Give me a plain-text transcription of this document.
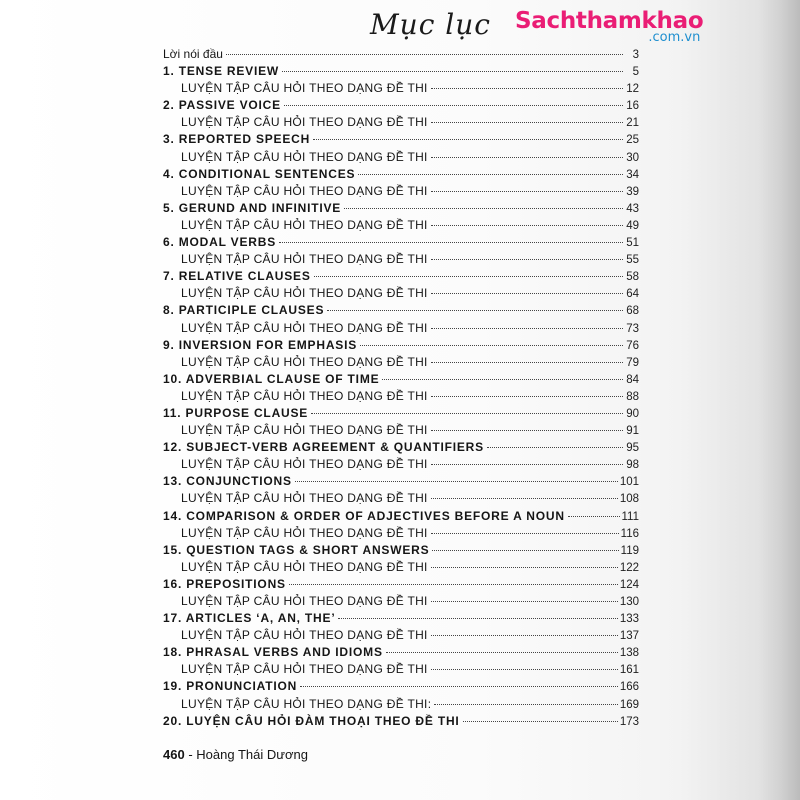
Mục lục Sachthamkhao
.com.vn
Lời nói đầu	3
1. TENSE REVIEW	5
LUYỆN TẬP CÂU HỎI THEO DẠNG ĐỀ THI	12
2. PASSIVE VOICE	16
LUYỆN TẬP CÂU HỎI THEO DẠNG ĐỀ THI	21
3. REPORTED SPEECH	25
LUYỆN TẬP CÂU HỎI THEO DẠNG ĐỀ THI	30
4. CONDITIONAL SENTENCES	34
LUYỆN TẬP CÂU HỎI THEO DẠNG ĐỀ THI	39
5. GERUND AND INFINITIVE	43
LUYỆN TẬP CÂU HỎI THEO DẠNG ĐỀ THI	49
6. MODAL VERBS	51
LUYỆN TẬP CÂU HỎI THEO DẠNG ĐỀ THI	55
7. RELATIVE CLAUSES	58
LUYỆN TẬP CÂU HỎI THEO DẠNG ĐỀ THI	64
8. PARTICIPLE CLAUSES	68
LUYỆN TẬP CÂU HỎI THEO DẠNG ĐỀ THI	73
9. INVERSION FOR EMPHASIS	76
LUYỆN TẬP CÂU HỎI THEO DẠNG ĐỀ THI	79
10. ADVERBIAL CLAUSE OF TIME	84
LUYỆN TẬP CÂU HỎI THEO DẠNG ĐỀ THI	88
11. PURPOSE CLAUSE	90
LUYỆN TẬP CÂU HỎI THEO DẠNG ĐỀ THI	91
12. SUBJECT-VERB AGREEMENT & QUANTIFIERS	95
LUYỆN TẬP CÂU HỎI THEO DẠNG ĐỀ THI	98
13. CONJUNCTIONS	101
LUYỆN TẬP CÂU HỎI THEO DẠNG ĐỀ THI	108
14. COMPARISON & ORDER OF ADJECTIVES BEFORE A NOUN	111
LUYỆN TẬP CÂU HỎI THEO DẠNG ĐỀ THI	116
15. QUESTION TAGS & SHORT ANSWERS	119
LUYỆN TẬP CÂU HỎI THEO DẠNG ĐỀ THI	122
16. PREPOSITIONS	124
LUYỆN TẬP CÂU HỎI THEO DẠNG ĐỀ THI	130
17. ARTICLES ‘A, AN, THE’	133
LUYỆN TẬP CÂU HỎI THEO DẠNG ĐỀ THI	137
18. PHRASAL VERBS AND IDIOMS	138
LUYỆN TẬP CÂU HỎI THEO DẠNG ĐỀ THI	161
19. PRONUNCIATION	166
LUYỆN TẬP CÂU HỎI THEO DẠNG ĐỀ THI:	169
20. LUYỆN CÂU HỎI ĐÀM THOẠI THEO ĐỀ THI	173
460 - Hoàng Thái Dương
